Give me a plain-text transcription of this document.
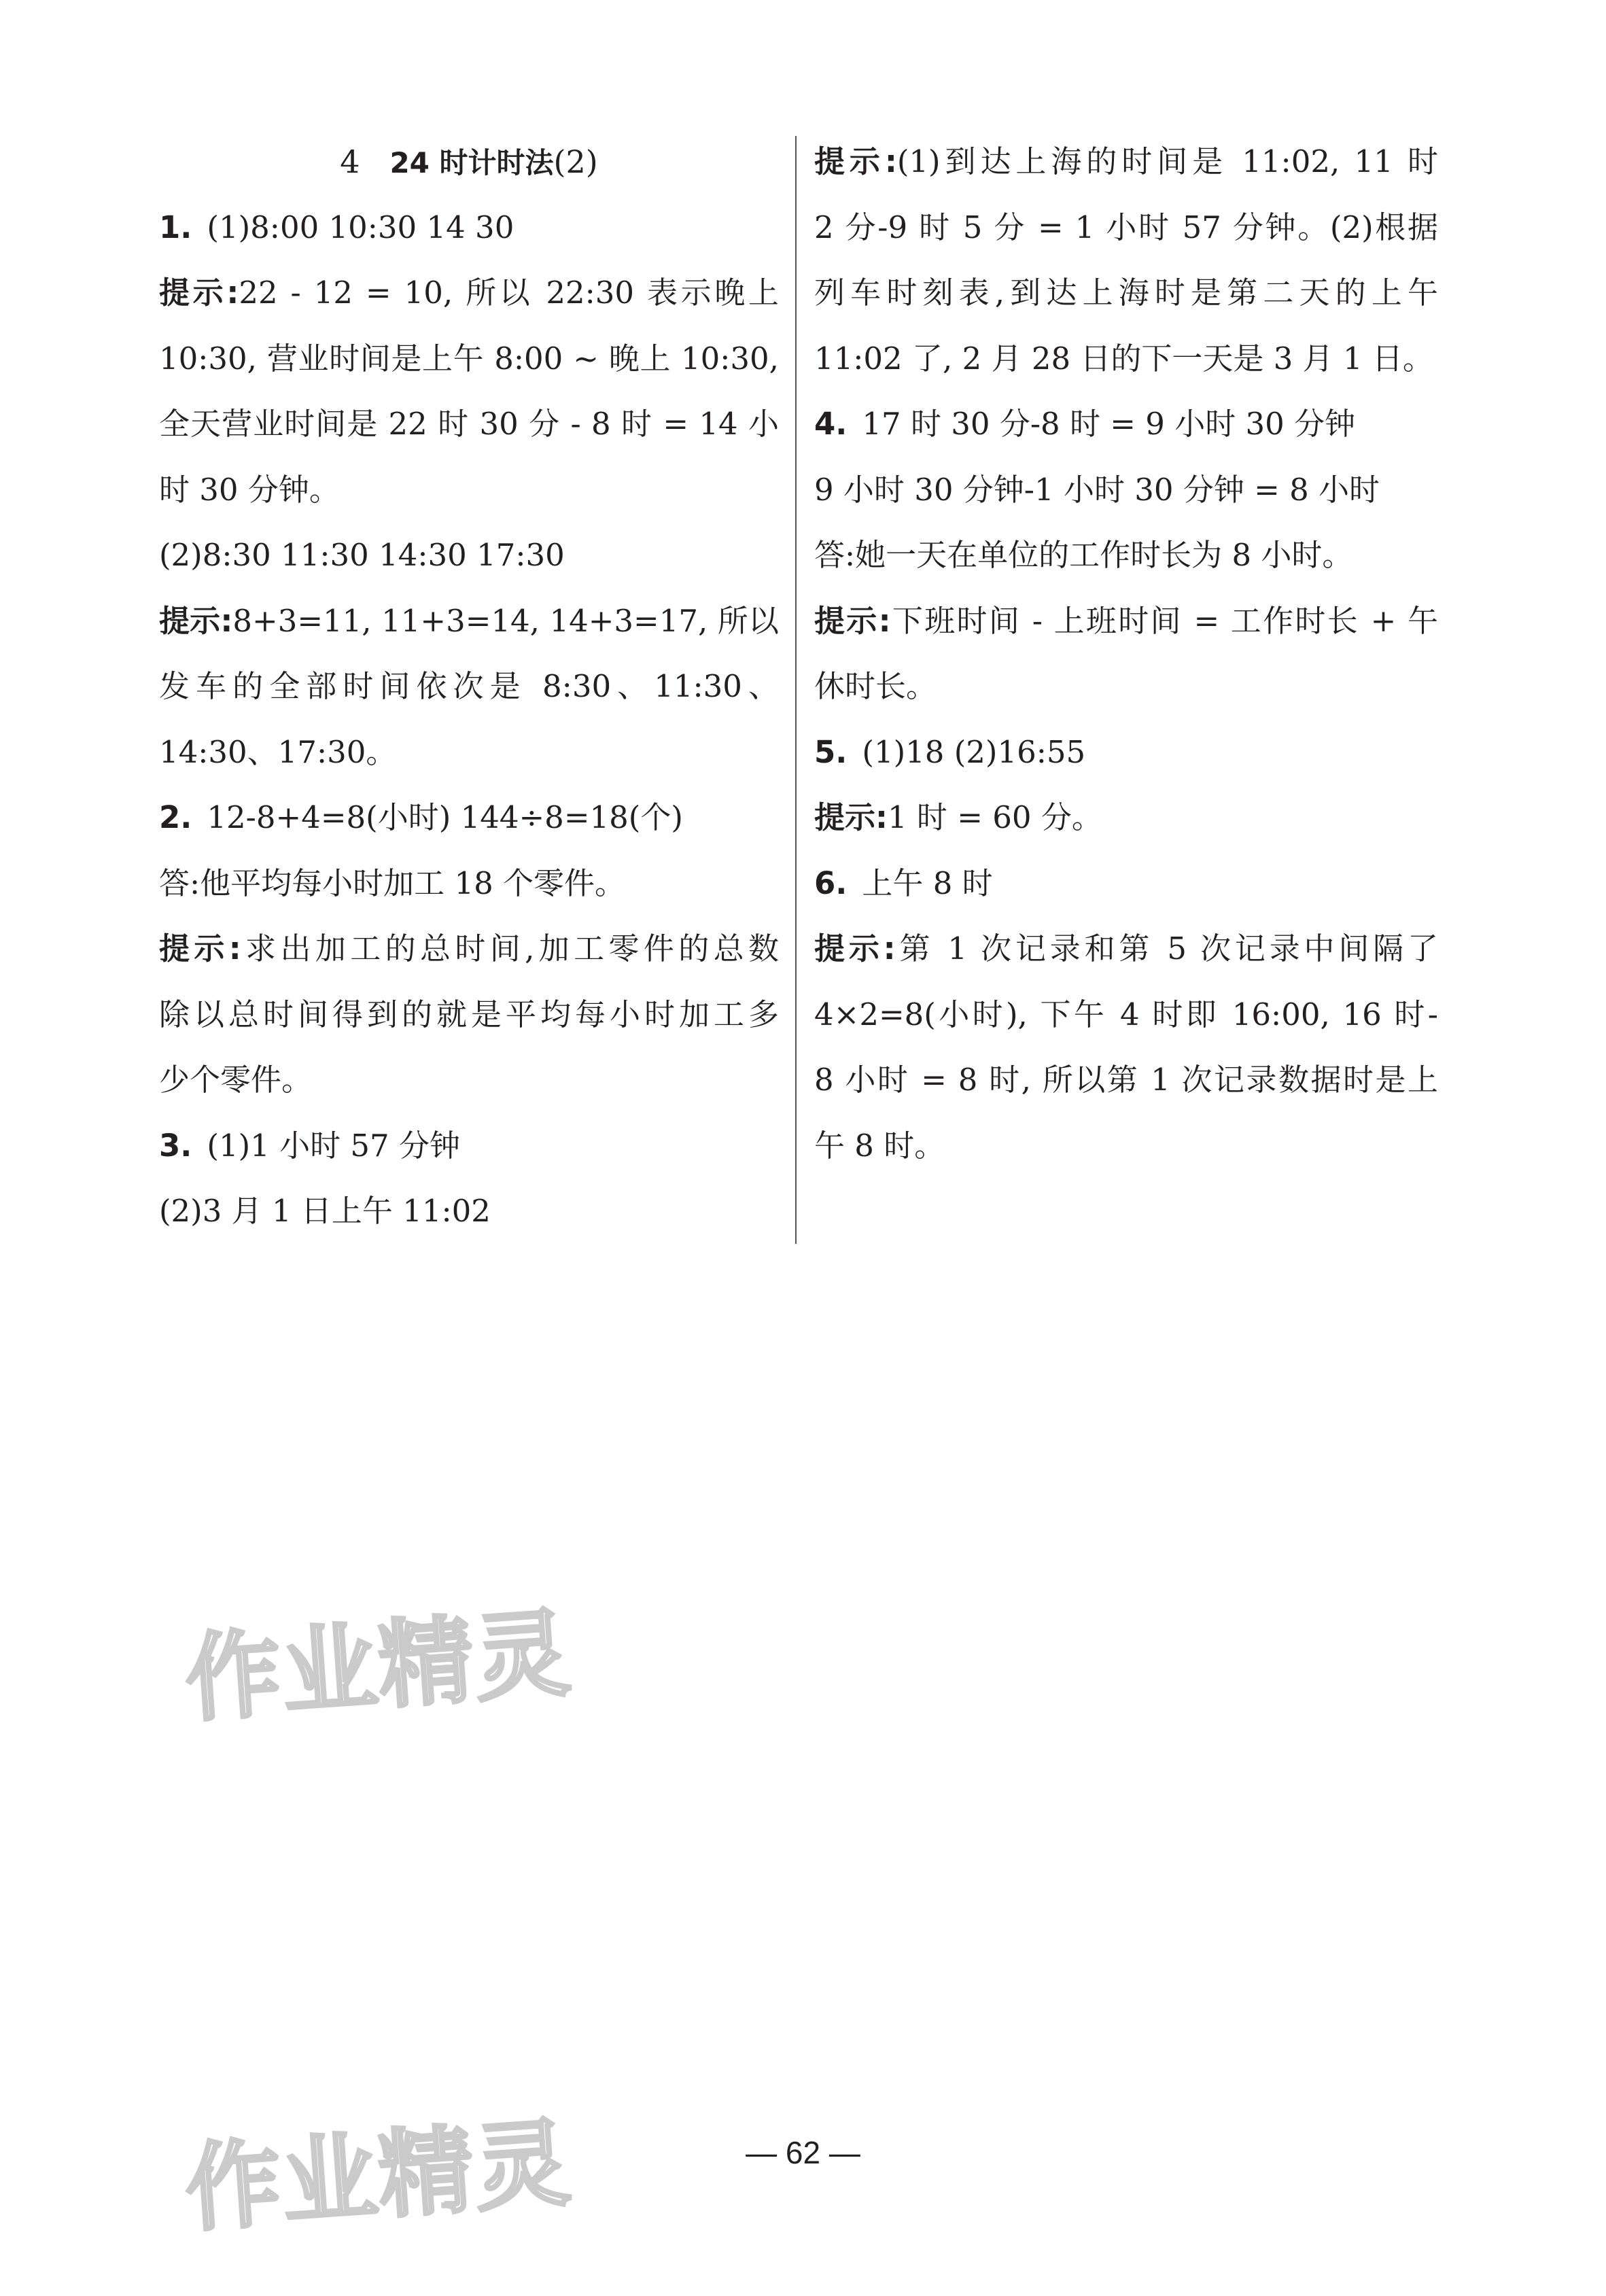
4 24 时计时法(2)
1. (1)8:00 10:30 14 30
提示:22 - 12 = 10, 所以 22:30 表示晚上
10:30, 营业时间是上午 8:00 ~ 晚上 10:30,
全天营业时间是 22 时 30 分 - 8 时 = 14 小
时 30 分钟。
(2)8:30 11:30 14:30 17:30
提示:8+3=11, 11+3=14, 14+3=17, 所以
发车的全部时间依次是 8:30、11:30、
14:30、17:30。
2. 12-8+4=8(小时) 144÷8=18(个)
答:他平均每小时加工 18 个零件。
提示:求出加工的总时间,加工零件的总数
除以总时间得到的就是平均每小时加工多
少个零件。
3. (1)1 小时 57 分钟
(2)3 月 1 日上午 11:02
提示:(1)到达上海的时间是 11:02, 11 时
2 分-9 时 5 分 = 1 小时 57 分钟。(2)根据
列车时刻表,到达上海时是第二天的上午
11:02 了, 2 月 28 日的下一天是 3 月 1 日。
4. 17 时 30 分-8 时 = 9 小时 30 分钟
9 小时 30 分钟-1 小时 30 分钟 = 8 小时
答:她一天在单位的工作时长为 8 小时。
提示:下班时间 - 上班时间 = 工作时长 + 午
休时长。
5. (1)18 (2)16:55
提示:1 时 = 60 分。
6. 上午 8 时
提示:第 1 次记录和第 5 次记录中间隔了
4×2=8(小时), 下午 4 时即 16:00, 16 时-
8 小时 = 8 时, 所以第 1 次记录数据时是上
午 8 时。
作业精灵
作业精灵	— 62 —
